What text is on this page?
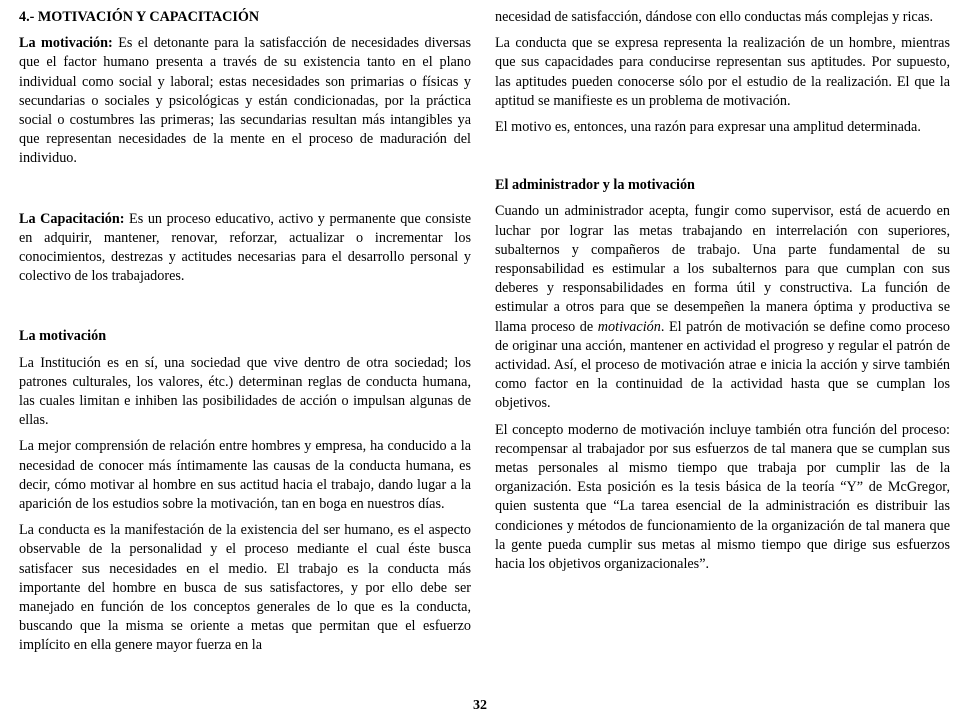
4.- MOTIVACIÓN Y CAPACITACIÓN

La motivación: Es el detonante para la satisfacción de necesidades diversas que el factor humano presenta a través de su existencia tanto en el plano individual como social y laboral; estas necesidades son primarias o físicas y secundarias o sociales y psicológicas y están condicionadas, por la práctica social o costumbres las primeras; las secundarias resultan más intangibles ya que representan necesidades de la mente en el proceso de maduración del individuo.

La Capacitación: Es un proceso educativo, activo y permanente que consiste en adquirir, mantener, renovar, reforzar, actualizar o incrementar los conocimientos, destrezas y actitudes necesarias para el desarrollo personal y colectivo de los trabajadores.

La motivación

La Institución es en sí, una sociedad que vive dentro de otra sociedad; los patrones culturales, los valores, étc.) determinan reglas de conducta humana, las cuales limitan e inhiben las posibilidades de acción o impulsan algunas de ellas.

La mejor comprensión de relación entre hombres y empresa, ha conducido a la necesidad de conocer más íntimamente las causas de la conducta humana, es decir, cómo motivar al hombre en sus actitud hacia el trabajo, dando lugar a la aparición de los estudios sobre la motivación, tan en boga en nuestros días.

La conducta es la manifestación de la existencia del ser humano, es el aspecto observable de la personalidad y el proceso mediante el cual éste busca satisfacer sus necesidades en el medio. El trabajo es la conducta más importante del hombre en busca de sus satisfactores, y por ello debe ser manejado en función de los conceptos generales de lo que es la conducta, buscando que la misma se oriente a metas que permitan que el esfuerzo implícito en ella genere mayor fuerza en la

necesidad de satisfacción, dándose con ello conductas más complejas y ricas.

La conducta que se expresa representa la realización de un hombre, mientras que sus capacidades para conducirse representan sus aptitudes. Por supuesto, las aptitudes pueden conocerse sólo por el estudio de la realización. El que la aptitud se manifieste es un problema de motivación.

El motivo es, entonces, una razón para expresar una amplitud determinada.

El administrador y la motivación

Cuando un administrador acepta, fungir como supervisor, está de acuerdo en luchar por lograr las metas trabajando en interrelación con superiores, subalternos y compañeros de trabajo. Una parte fundamental de su responsabilidad es estimular a los subalternos para que cumplan con sus deberes y responsabilidades en forma útil y constructiva. La función de estimular a otros para que se desempeñen la manera óptima y productiva se llama proceso de motivación. El patrón de motivación se define como proceso de originar una acción, mantener en actividad el progreso y regular el patrón de actividad. Así, el proceso de motivación atrae e inicia la acción y sirve también como factor en la continuidad de la actividad hasta que se cumplan los objetivos.

El concepto moderno de motivación incluye también otra función del proceso: recompensar al trabajador por sus esfuerzos de tal manera que se cumplan sus metas personales al mismo tiempo que trabaja por cumplir las de la organización. Esta posición es la tesis básica de la teoría “Y” de McGregor, quien sustenta que “La tarea esencial de la administración es distribuir las condiciones y métodos de funcionamiento de la organización de tal manera que la gente pueda cumplir sus metas al mismo tiempo que dirige sus esfuerzos hacia los objetivos organizacionales”.

32
